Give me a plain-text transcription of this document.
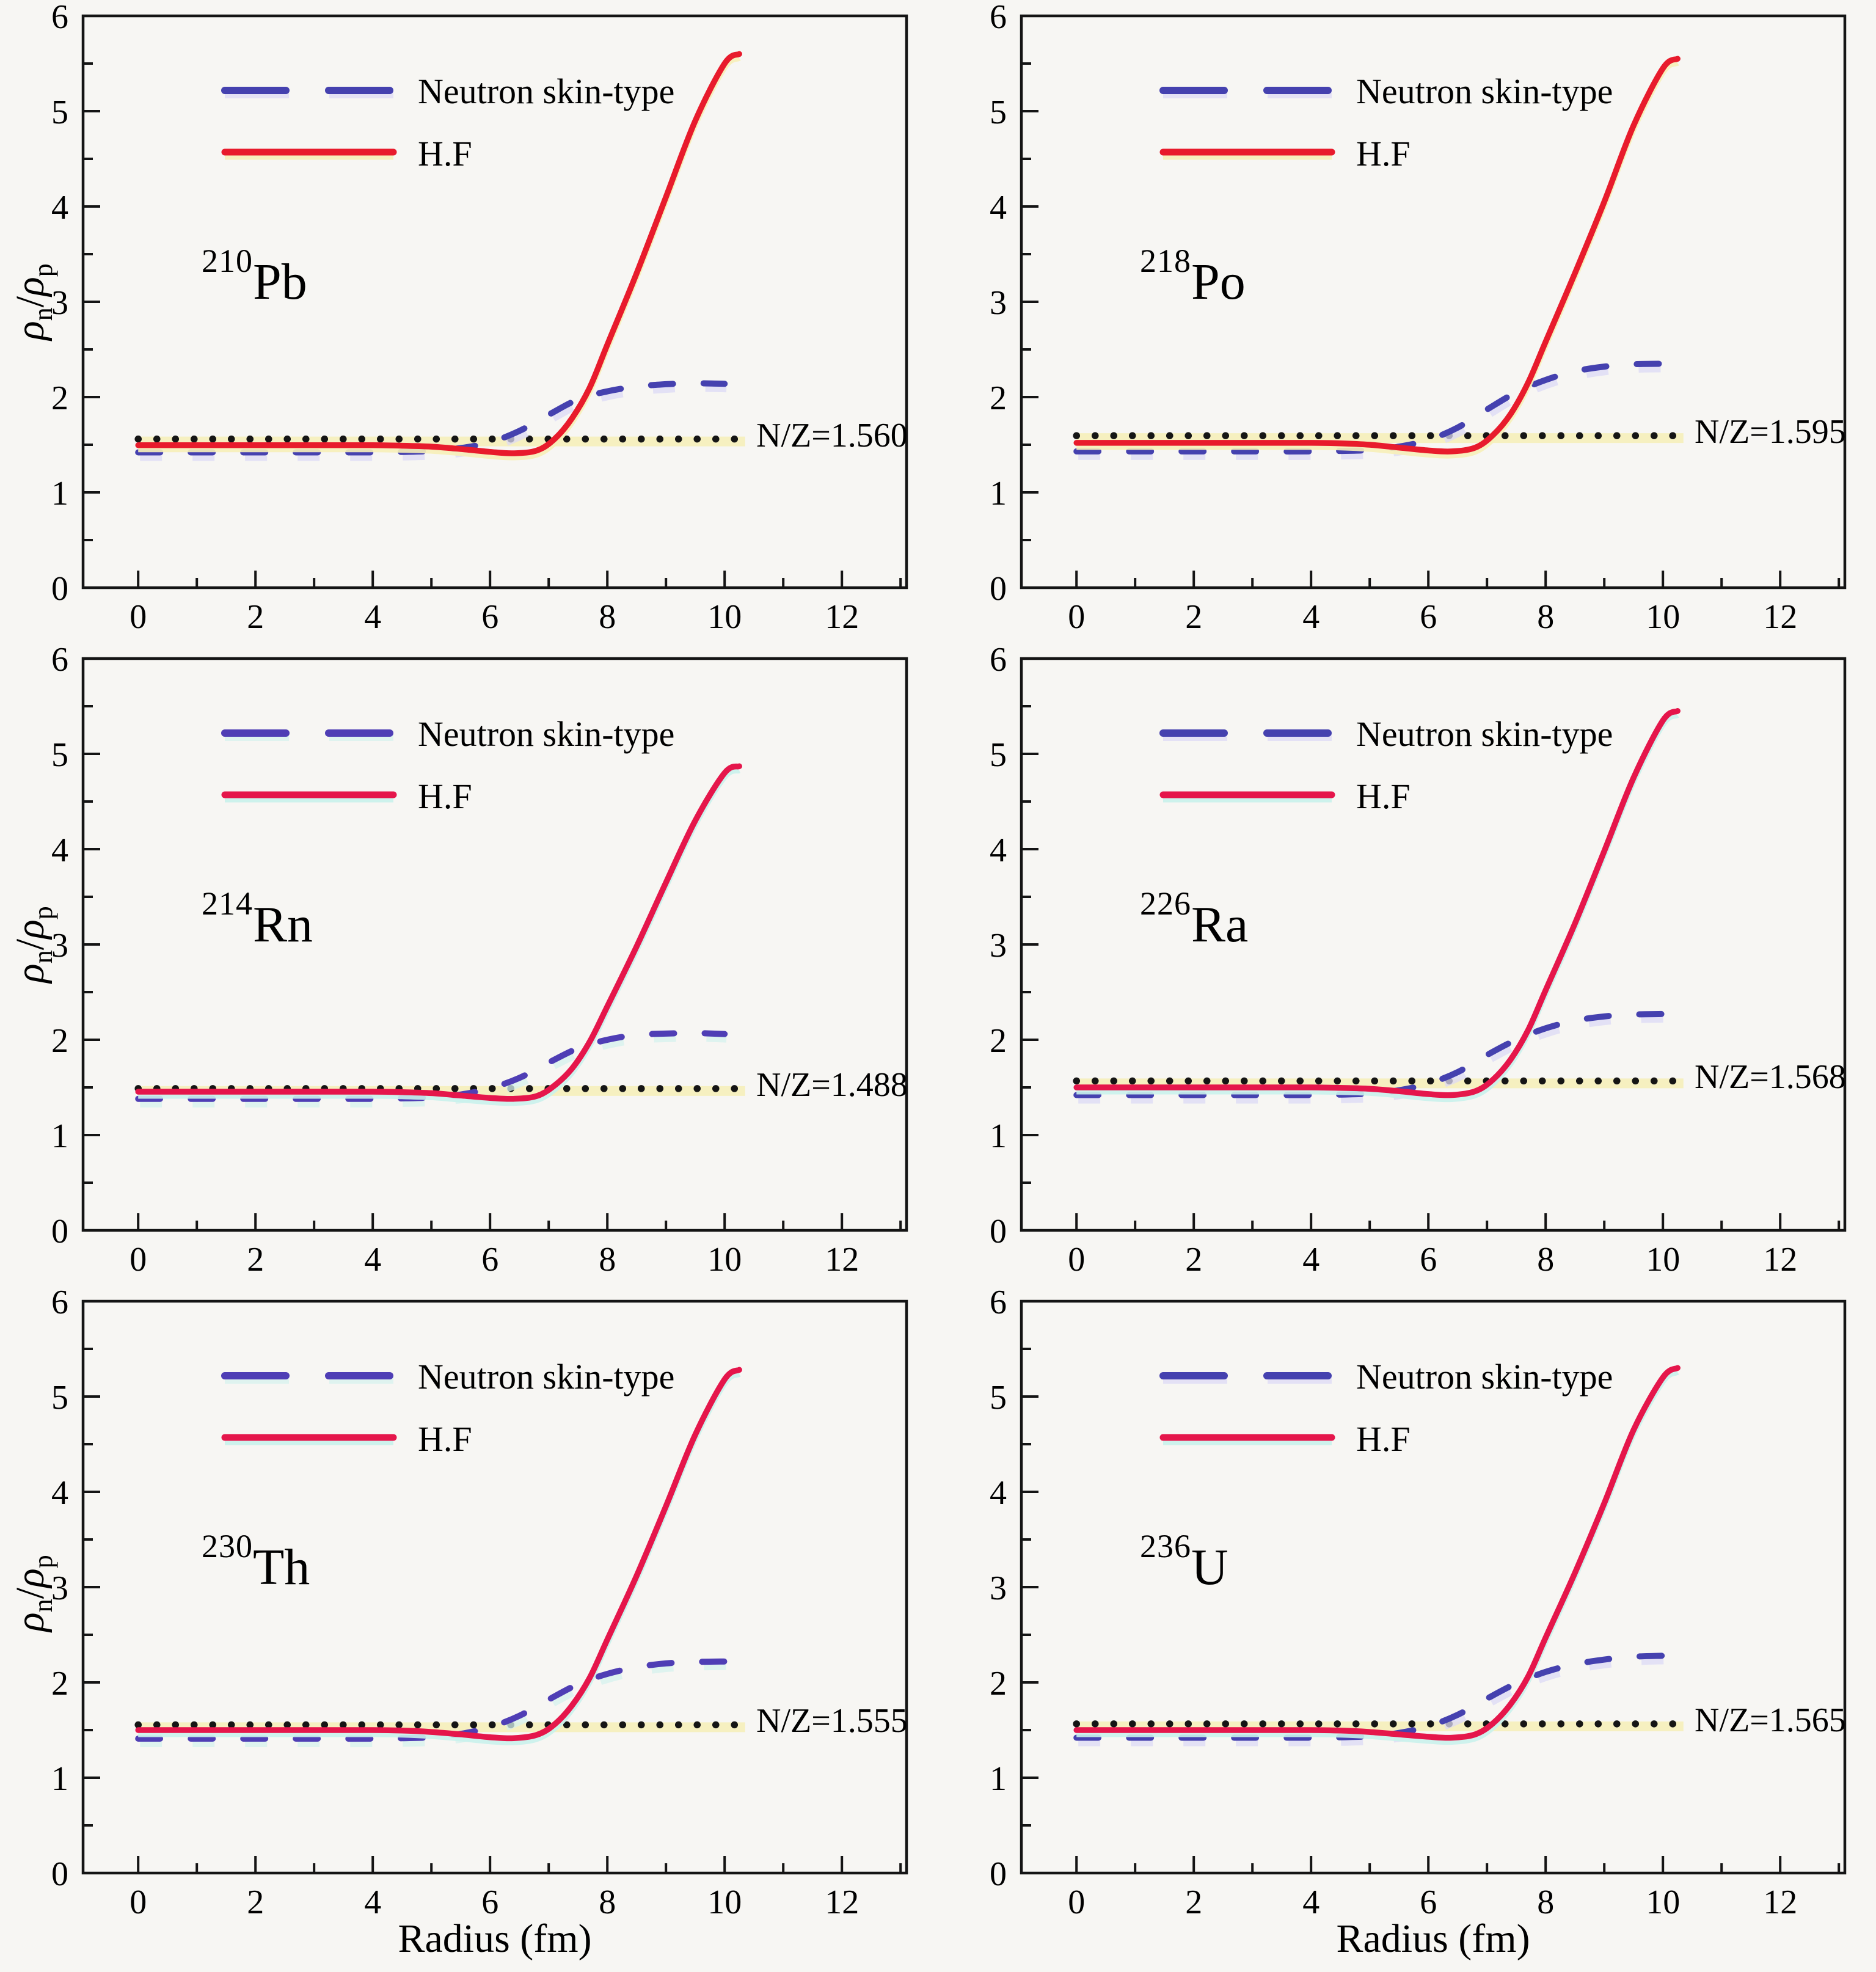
$\rho_n/\rho_p$
$\rho_n/\rho_p$
$\rho_n/\rho_p$
Radius (fm)	Radius (fm)
0	2	4	6	8	10 12
0
1
2
3
4
5
6
Neutron skin-type
H.F
$^{210}$Pb
N/Z=1.560
0	2	4	6	8	10 12
0
1
2
3
4
5
6
Neutron skin-type
H.F
$^{218}$Po
N/Z=1.595
0	2	4	6	8	10 12
0
1
2
3
4
5
6
Neutron skin-type
H.F
$^{214}$Rn
N/Z=1.488
0	2	4	6	8	10 12
0
1
2
3
4
5
6
Neutron skin-type
H.F
$^{226}$Ra
N/Z=1.568
0	2	4	6	8	10 12
0
1
2
3
4
5
6
Neutron skin-type
H.F
$^{230}$Th
N/Z=1.555
0	2	4	6	8	10 12
0
1
2
3
4
5
6
Neutron skin-type
H.F
$^{236}$U
N/Z=1.565
